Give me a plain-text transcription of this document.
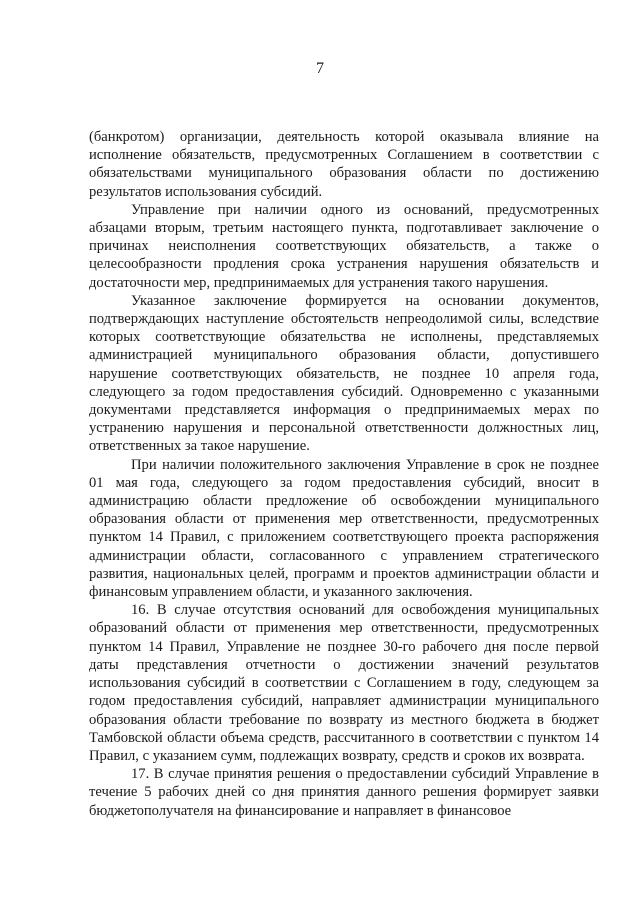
7

(банкротом) организации, деятельность которой оказывала влияние на исполнение обязательств, предусмотренных Соглашением в соответствии с обязательствами муниципального образования области по достижению результатов использования субсидий.

Управление при наличии одного из оснований, предусмотренных абзацами вторым, третьим настоящего пункта, подготавливает заключение о причинах неисполнения соответствующих обязательств, а также о целесообразности продления срока устранения нарушения обязательств и достаточности мер, предпринимаемых для устранения такого нарушения.

Указанное заключение формируется на основании документов, подтверждающих наступление обстоятельств непреодолимой силы, вследствие которых соответствующие обязательства не исполнены, представляемых администрацией муниципального образования области, допустившего нарушение соответствующих обязательств, не позднее 10 апреля года, следующего за годом предоставления субсидий. Одновременно с указанными документами представляется информация о предпринимаемых мерах по устранению нарушения и персональной ответственности должностных лиц, ответственных за такое нарушение.

При наличии положительного заключения Управление в срок не позднее 01 мая года, следующего за годом предоставления субсидий, вносит в администрацию области предложение об освобождении муниципального образования области от применения мер ответственности, предусмотренных пунктом 14 Правил, с приложением соответствующего проекта распоряжения администрации области, согласованного с управлением стратегического развития, национальных целей, программ и проектов администрации области и финансовым управлением области, и указанного заключения.

16. В случае отсутствия оснований для освобождения муниципальных образований области от применения мер ответственности, предусмотренных пунктом 14 Правил, Управление не позднее 30-го рабочего дня после первой даты представления отчетности о достижении значений результатов использования субсидий в соответствии с Соглашением в году, следующем за годом предоставления субсидий, направляет администрации муниципального образования области требование по возврату из местного бюджета в бюджет Тамбовской области объема средств, рассчитанного в соответствии с пунктом 14 Правил, с указанием сумм, подлежащих возврату, средств и сроков их возврата.

17. В случае принятия решения о предоставлении субсидий Управление в течение 5 рабочих дней со дня принятия данного решения формирует заявки бюджетополучателя на финансирование и направляет в финансовое
